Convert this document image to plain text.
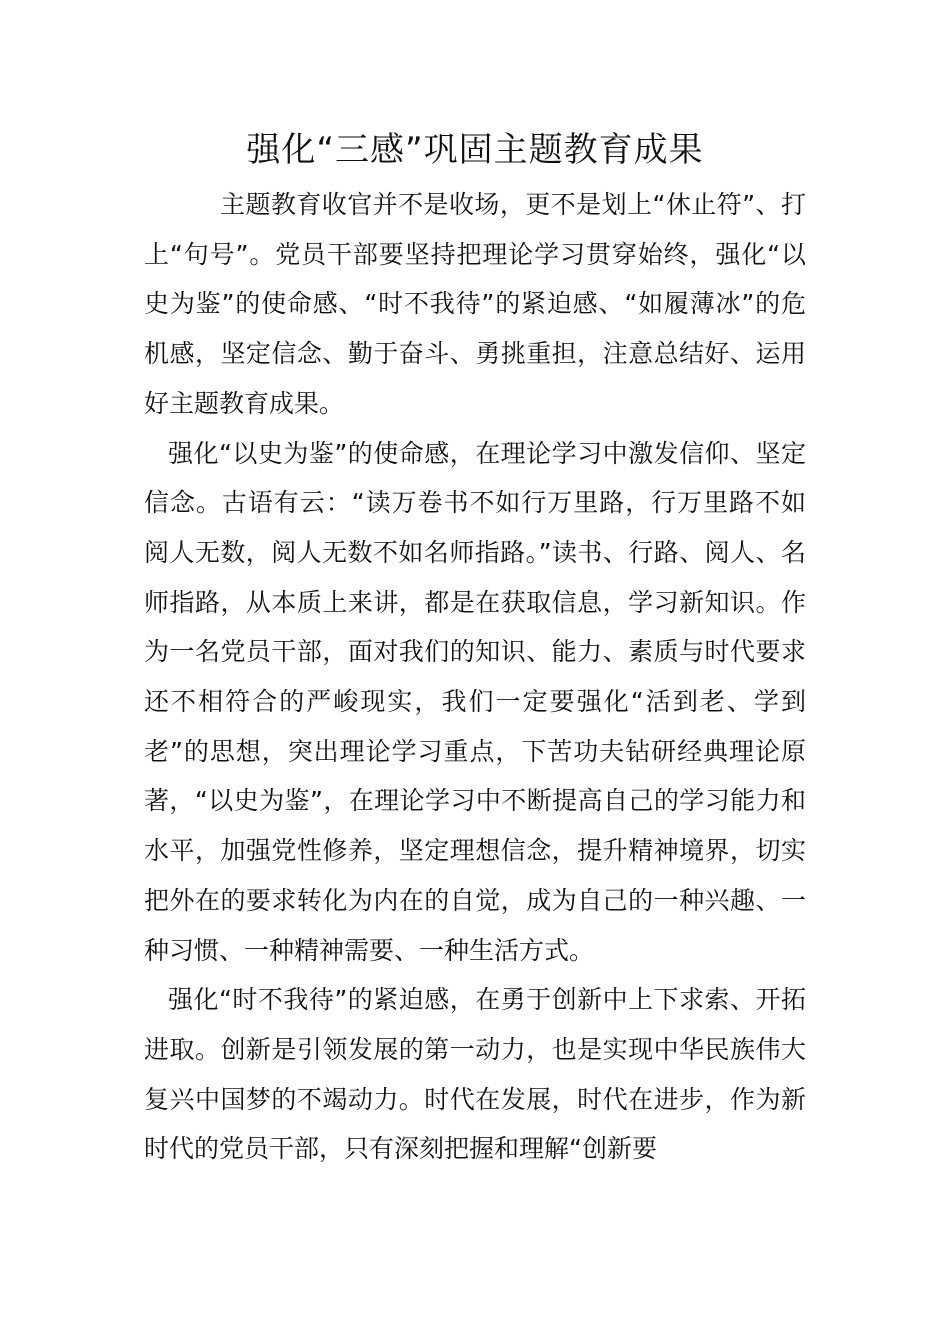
强化“三感”巩固主题教育成果

主题教育收官并不是收场，更不是划上“休止符”、打上“句号”。党员干部要坚持把理论学习贯穿始终，强化“以史为鉴”的使命感、“时不我待”的紧迫感、“如履薄冰”的危机感，坚定信念、勤于奋斗、勇挑重担，注意总结好、运用好主题教育成果。

强化“以史为鉴”的使命感，在理论学习中激发信仰、坚定信念。古语有云：“读万卷书不如行万里路，行万里路不如阅人无数，阅人无数不如名师指路。”读书、行路、阅人、名师指路，从本质上来讲，都是在获取信息，学习新知识。作为一名党员干部，面对我们的知识、能力、素质与时代要求还不相符合的严峻现实，我们一定要强化“活到老、学到老”的思想，突出理论学习重点，下苦功夫钻研经典理论原著，“以史为鉴”，在理论学习中不断提高自己的学习能力和水平，加强党性修养，坚定理想信念，提升精神境界，切实把外在的要求转化为内在的自觉，成为自己的一种兴趣、一种习惯、一种精神需要、一种生活方式。

强化“时不我待”的紧迫感，在勇于创新中上下求索、开拓进取。创新是引领发展的第一动力，也是实现中华民族伟大复兴中国梦的不竭动力。时代在发展，时代在进步，作为新时代的党员干部，只有深刻把握和理解“创新要
